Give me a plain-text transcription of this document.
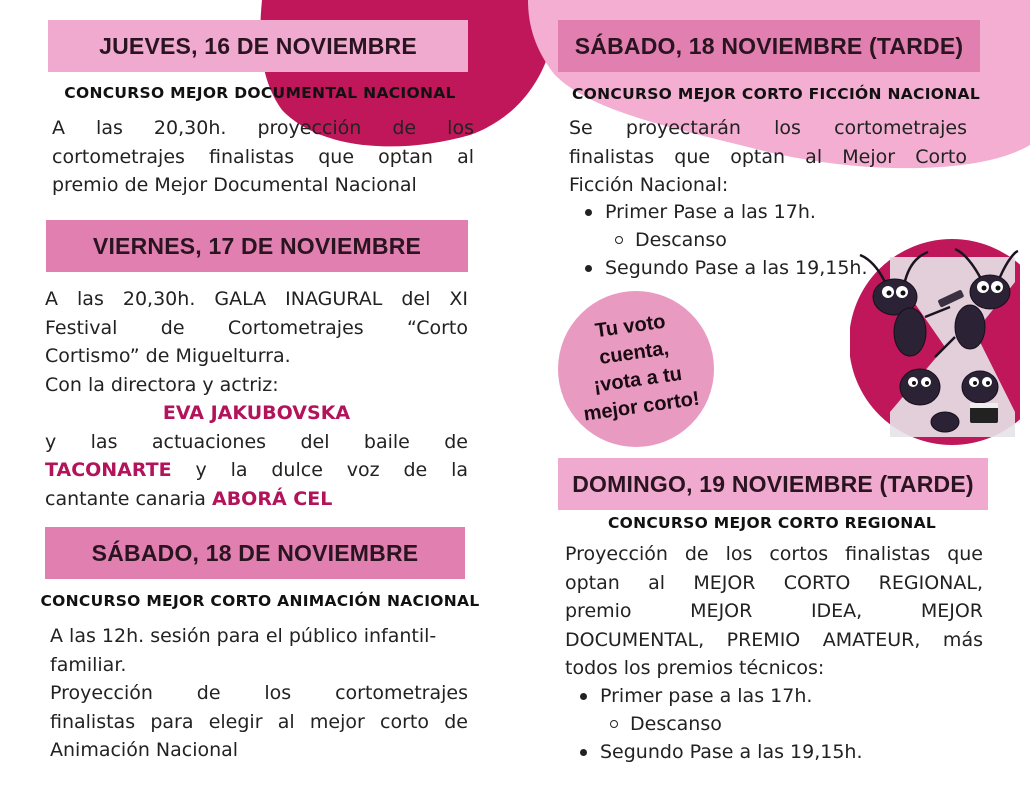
JUEVES, 16 DE NOVIEMBRE
CONCURSO MEJOR DOCUMENTAL NACIONAL
A las 20,30h. proyección de los
cortometrajes finalistas que optan al
premio de Mejor Documental Nacional
VIERNES, 17 DE NOVIEMBRE
A las 20,30h. GALA INAGURAL del XI
Festival de Cortometrajes “Corto
Cortismo” de Miguelturra.
Con la directora y actriz:
EVA JAKUBOVSKA
y las actuaciones del baile de
TACONARTE y la dulce voz de la
cantante canaria ABORÁ CEL
SÁBADO, 18 DE NOVIEMBRE
CONCURSO MEJOR CORTO ANIMACIÓN NACIONAL
A las 12h. sesión para el público infantil-
familiar.
Proyección de los cortometrajes
finalistas para elegir al mejor corto de
Animación Nacional
SÁBADO, 18 NOVIEMBRE (TARDE)
CONCURSO MEJOR CORTO FICCIÓN NACIONAL
Se proyectarán los cortometrajes
finalistas que optan al Mejor Corto
Ficción Nacional:
Primer Pase a las 17h.
Descanso
Segundo Pase a las 19,15h.
Tu voto
cuenta,
¡vota a tu
mejor corto!
DOMINGO, 19 NOVIEMBRE (TARDE)
CONCURSO MEJOR CORTO REGIONAL
Proyección de los cortos finalistas que
optan al MEJOR CORTO REGIONAL,
premio MEJOR IDEA, MEJOR
DOCUMENTAL, PREMIO AMATEUR, más
todos los premios técnicos:
Primer pase a las 17h.
Descanso
Segundo Pase a las 19,15h.
